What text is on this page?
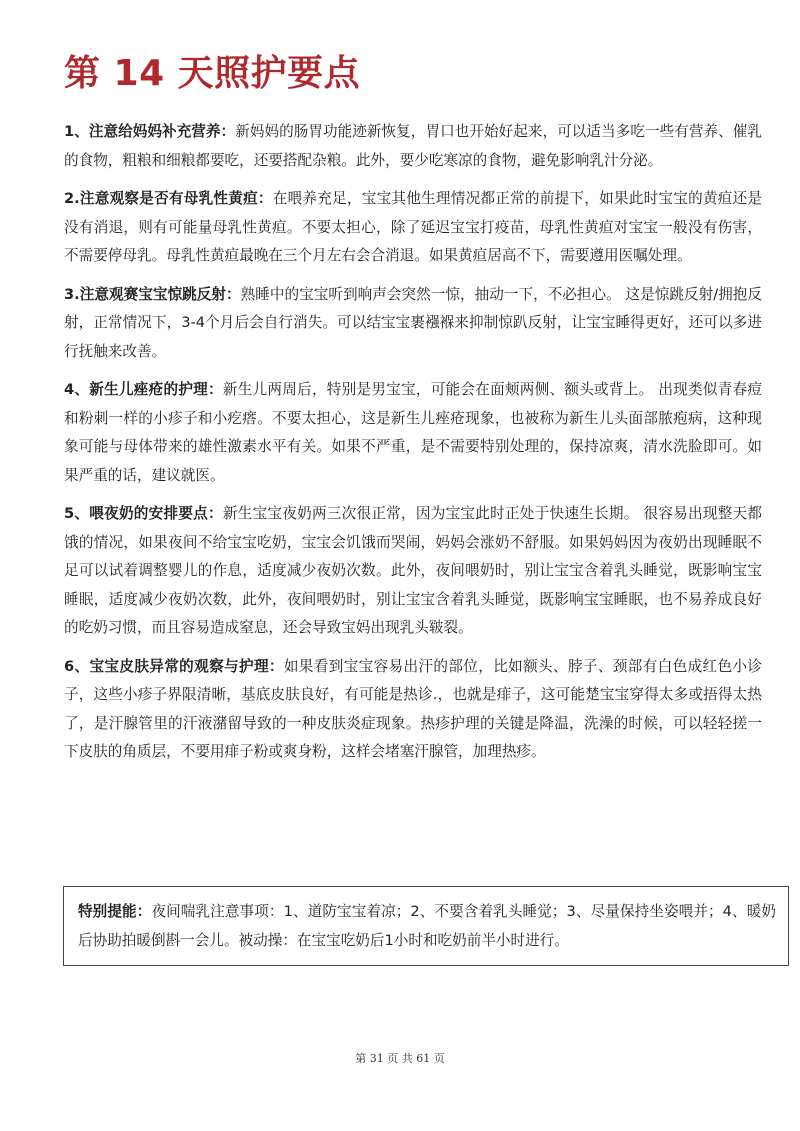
第 14 天照护要点

1、注意给妈妈补充营养：新妈妈的肠胃功能迹新恢复，胃口也开始好起来，可以适当多吃一些有营养、催乳的食物，粗粮和细粮都要吃，还要搭配杂粮。此外，要少吃寒凉的食物，避免影响乳汁分泌。

2.注意观察是否有母乳性黄疸：在喂养充足，宝宝其他生理情况都正常的前提下，如果此时宝宝的黄疸还是没有消退，则有可能量母乳性黄疸。不要太担心，除了延迟宝宝打疫苗，母乳性黄疸对宝宝一般没有伤害，不需要停母乳。母乳性黄疸最晚在三个月左右会合消退。如果黄疸居高不下，需要遵用医嘱处理。

3.注意观赛宝宝惊跳反射：熟睡中的宝宝听到响声会突然一惊，抽动一下，不必担心。 这是惊跳反射/拥抱反射，正常情况下，3-4个月后会自行消失。可以结宝宝裹襁褓来抑制惊趴反射，让宝宝睡得更好，还可以多进行抚触来改善。

4、新生儿痤疮的护理：新生儿两周后，特别是男宝宝，可能会在面颊两侧、额头或背上。 出现类似青春痘和粉刺一样的小疹子和小疙瘩。不要太担心，这是新生儿痤疮现象，也被称为新生儿头面部脓疱病，这种现象可能与母体带来的雄性激素水平有关。如果不严重，是不需要特别处理的，保持凉爽，清水洗脸即可。如果严重的话，建议就医。

5、喂夜奶的安排要点：新生宝宝夜奶两三次很正常，因为宝宝此时正处于快速生长期。 很容易出现整天都饿的情况，如果夜间不给宝宝吃奶，宝宝会饥饿而哭闹，妈妈会涨奶不舒服。如果妈妈因为夜奶出现睡眠不足可以试着调整婴儿的作息，适度减少夜奶次数。此外，夜间喂奶时，别让宝宝含着乳头睡觉，既影响宝宝睡眠，适度减少夜奶次数，此外，夜间喂奶时，别让宝宝含着乳头睡觉，既影响宝宝睡眠，也不易养成良好的吃奶习惯，而且容易造成窒息，还会导致宝妈出现乳头皲裂。

6、宝宝皮肤异常的观察与护理：如果看到宝宝容易出汗的部位，比如额头、脖子、颈部有白色成红色小诊子，这些小疹子界限清晰，基底皮肤良好，有可能是热诊.，也就是痱子，这可能楚宝宝穿得太多或捂得太热了，是汗腺管里的汗液潴留导致的一种皮肤炎症现象。热疹护理的关键是降温，洗澡的时候，可以轻轻搓一下皮肤的角质层，不要用痱子粉或爽身粉，这样会堵塞汗腺管，加理热疹。

特别提能：夜间喘乳注意事项：1、道防宝宝着凉；2、不要含着乳头睡觉；3、尽量保持坐姿喂并；4、暖奶后协助拍暖倒斟一会儿。被动操：在宝宝吃奶后1小时和吃奶前半小时进行。

第 31 页 共 61 页
